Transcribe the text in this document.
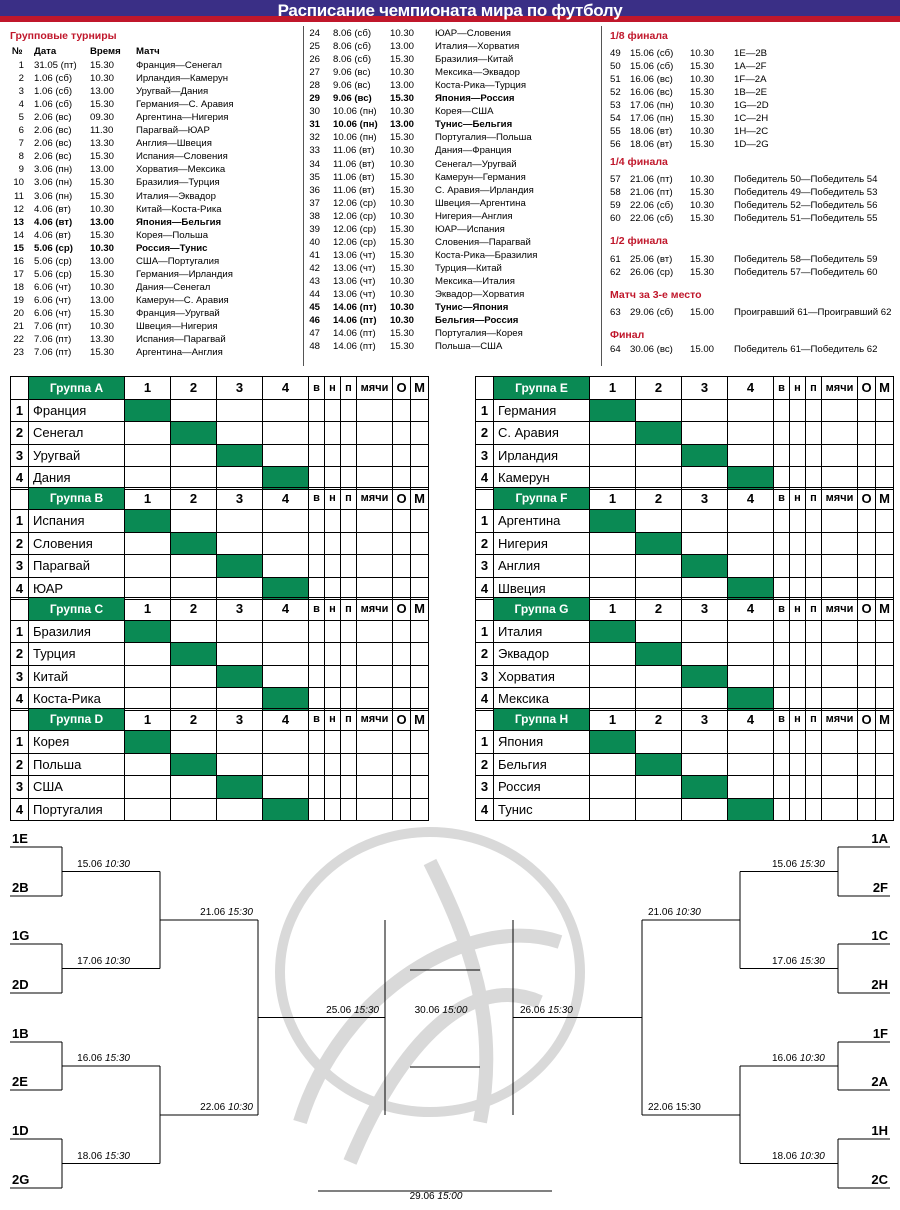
Расписание чемпионата мира по футболу
Групповые турниры
№ Дата	Время Матч
1 31.05 (пт) 15.30 Франция—Сенегал
2 1.06 (сб) 10.30 Ирландия—Камерун
3 1.06 (сб) 13.00 Уругвай—Дания
4 1.06 (сб) 15.30 Германия—С. Аравия
5 2.06 (вс) 09.30 Аргентина—Нигерия
6 2.06 (вс) 11.30 Парагвай—ЮАР
7 2.06 (вс) 13.30 Англия—Швеция
8 2.06 (вс) 15.30 Испания—Словения
9 3.06 (пн) 13.00 Хорватия—Мексика
10 3.06 (пн) 15.30 Бразилия—Турция
11 3.06 (пн) 15.30 Италия—Эквадор
12 4.06 (вт) 10.30 Китай—Коста-Рика
13 4.06 (вт) 13.00 Япония—Бельгия
14 4.06 (вт) 15.30 Корея—Польша
15 5.06 (ср) 10.30 Россия—Тунис
16 5.06 (ср) 13.00 США—Португалия
17 5.06 (ср) 15.30 Германия—Ирландия
18 6.06 (чт) 10.30 Дания—Сенегал
19 6.06 (чт) 13.00 Камерун—С. Аравия
20 6.06 (чт) 15.30 Франция—Уругвай
21 7.06 (пт) 10.30 Швеция—Нигерия
22 7.06 (пт) 13.30 Испания—Парагвай
23 7.06 (пт) 15.30 Аргентина—Англия
24 8.06 (сб) 10.30 ЮАР—Словения
25 8.06 (сб) 13.00 Италия—Хорватия
26 8.06 (сб) 15.30 Бразилия—Китай
27 9.06 (вс) 10.30 Мексика—Эквадор
28 9.06 (вс) 13.00 Коста-Рика—Турция
29 9.06 (вс) 15.30 Япония—Россия
30 10.06 (пн) 10.30 Корея—США
31 10.06 (пн) 13.00 Тунис—Бельгия
32 10.06 (пн) 15.30 Португалия—Польша
33 11.06 (вт) 10.30 Дания—Франция
34 11.06 (вт) 10.30 Сенегал—Уругвай
35 11.06 (вт) 15.30 Камерун—Германия
36 11.06 (вт) 15.30 С. Аравия—Ирландия
37 12.06 (ср) 10.30 Швеция—Аргентина
38 12.06 (ср) 10.30 Нигерия—Англия
39 12.06 (ср) 15.30 ЮАР—Испания
40 12.06 (ср) 15.30 Словения—Парагвай
41 13.06 (чт) 15.30 Коста-Рика—Бразилия
42 13.06 (чт) 15.30 Турция—Китай
43 13.06 (чт) 10.30 Мексика—Италия
44 13.06 (чт) 10.30 Эквадор—Хорватия
45 14.06 (пт) 10.30 Тунис—Япония
46 14.06 (пт) 10.30 Бельгия—Россия
47 14.06 (пт) 15.30 Португалия—Корея
48 14.06 (пт) 15.30 Польша—США
1/8 финала
49 15.06 (сб) 10.30 1E—2B
50 15.06 (сб) 15.30 1A—2F
51 16.06 (вс) 10.30 1F—2A
52 16.06 (вс) 15.30 1B—2E
53 17.06 (пн) 10.30 1G—2D
54 17.06 (пн) 15.30 1C—2H
55 18.06 (вт) 10.30 1H—2C
56 18.06 (вт) 15.30 1D—2G
1/4 финала
57 21.06 (пт) 10.30 Победитель 50—Победитель 54
58 21.06 (пт) 15.30 Победитель 49—Победитель 53
59 22.06 (сб) 10.30 Победитель 52—Победитель 56
60 22.06 (сб) 15.30 Победитель 51—Победитель 55
1/2 финала
61 25.06 (вт) 15.30 Победитель 58—Победитель 59
62 26.06 (ср) 15.30 Победитель 57—Победитель 60
Матч за 3-е место
63 29.06 (сб) 15.00 Проигравший 61—Проигравший 62
Финал
64 30.06 (вс) 15.00 Победитель 61—Победитель 62
	Группа A	1	2	3	4	в	н	п	мячи	О	М
1	Франция										
2	Сенегал										
3	Уругвай										
4	Дания										
	Группа B	1	2	3	4	в	н	п	мячи	О	М
1	Испания										
2	Словения										
3	Парагвай										
4	ЮАР										
	Группа C	1	2	3	4	в	н	п	мячи	О	М
1	Бразилия										
2	Турция										
3	Китай										
4	Коста-Рика										
	Группа D	1	2	3	4	в	н	п	мячи	О	М
1	Корея										
2	Польша										
3	США										
4	Португалия										
	Группа E	1	2	3	4	в	н	п	мячи	О	М
1	Германия										
2	С. Аравия										
3	Ирландия										
4	Камерун										
	Группа F	1	2	3	4	в	н	п	мячи	О	М
1	Аргентина										
2	Нигерия										
3	Англия										
4	Швеция										
	Группа G	1	2	3	4	в	н	п	мячи	О	М
1	Италия										
2	Эквадор										
3	Хорватия										
4	Мексика										
	Группа H	1	2	3	4	в	н	п	мячи	О	М
1	Япония										
2	Бельгия										
3	Россия										
4	Тунис										
1E
2B
1G
2D
1B
2E
1D
2G
1A
2F
1C
2H
1F
2A
1H
2C
15.06 10:30
17.06 10:30
16.06 15:30
18.06 15:30
15.06 15:30
17.06 15:30
16.06 10:30
18.06 10:30
21.06 15:30
22.06 10:30
21.06 10:30
22.06 15:30
25.06 15:30	26.06 15:30
30.06 15:00
29.06 15:00
